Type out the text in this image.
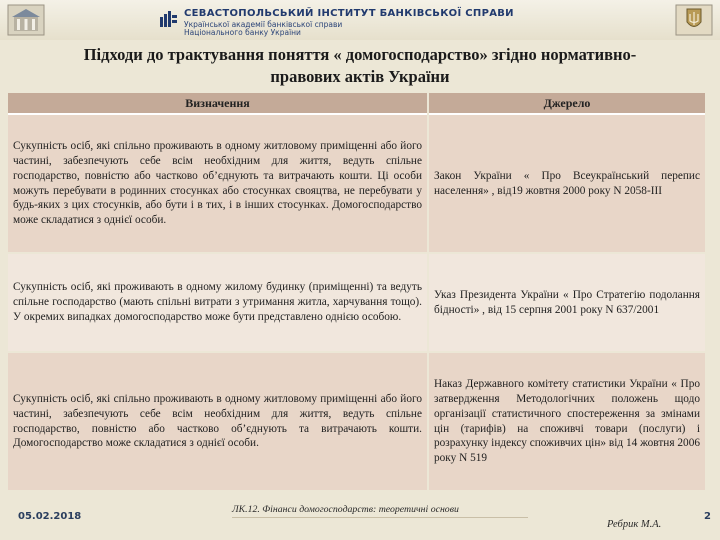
СЕВАСТОПОЛЬСЬКИЙ ІНСТИТУТ БАНКІВСЬКОЇ СПРАВИ
Української академії банківської справи
Національного банку України
Підходи до трактування поняття « домогосподарство» згідно нормативно-
правових актів України
Визначення	Джерело
Сукупність осіб, які спільно проживають в одному житловому приміщенні або його частині, забезпечують себе всім необхідним для життя, ведуть спільне господарство, повністю або частково об’єднують та витрачають кошти. Ці особи можуть перебувати в родинних стосунках або стосунках свояцтва, не перебувати у будь-яких з цих стосунків, або бути і в тих, і в інших стосунках. Домогосподарство може складатися з однієї особи.
Закон України « Про Всеукраїнський перепис населення» , від19 жовтня 2000 року N 2058-ІІІ
Сукупність осіб, які проживають в одному жилому будинку (приміщенні) та ведуть спільне господарство (мають спільні витрати з утримання житла, харчування тощо). У окремих випадках домогосподарство може бути представлено однією особою.
Указ Президента України « Про Стратегію подолання бідності» , від 15 серпня 2001 року N 637/2001
Сукупність осіб, які спільно проживають в одному житловому приміщенні або його частині, забезпечують себе всім необхідним для життя, ведуть спільне господарство, повністю або частково об’єднують та витрачають кошти. Домогосподарство може складатися з однієї особи.
Наказ Державного комітету статистики України « Про затвердження Методологічних положень щодо організації статистичного спостереження за змінами цін (тарифів) на споживчі товари (послуги) і розрахунку індексу споживчих цін» від 14 жовтня 2006 року N 519
05.02.2018
ЛК.12. Фінанси домогосподарств: теоретичні основи
Ребрик М.А.
2
